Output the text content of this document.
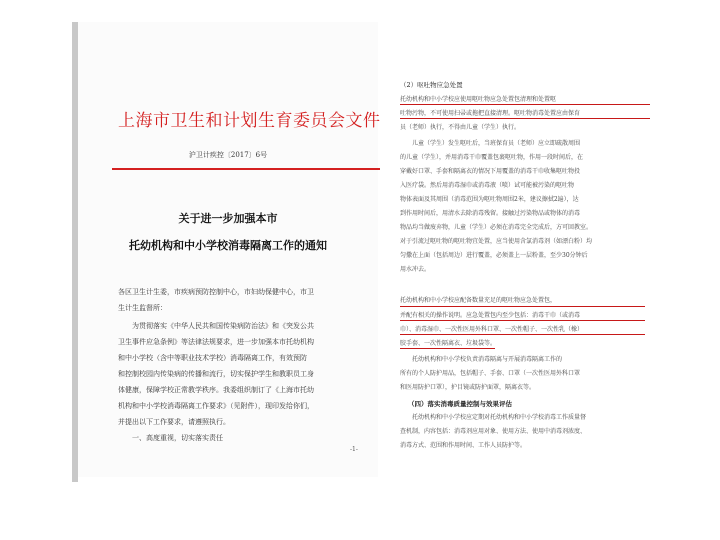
上海市卫生和计划生育委员会文件
沪卫计疾控〔2017〕6号
关于进一步加强本市
托幼机构和中小学校消毒隔离工作的通知
各区卫生计生委，市疾病预防控制中心，市妇幼保健中心，市卫
生计生监督所：
　　为贯彻落实《中华人民共和国传染病防治法》和《突发公共
卫生事件应急条例》等法律法规要求，进一步加强本市托幼机构
和中小学校（含中等职业技术学校）消毒隔离工作，有效预防
和控制校园内传染病的传播和流行，切实保护学生和教职员工身
体健康，保障学校正常教学秩序。我委组织制订了《上海市托幼
机构和中小学校消毒隔离工作要求》（见附件），现印发给你们，
并提出以下工作要求，请遵照执行。
　　一、高度重视，切实落实责任
-1-
（2）呕吐物应急处置
托幼机构和中小学校应使用呕吐物应急处置包清理和处置呕
吐物污物，不可使用扫帚或拖把直接清理。呕吐物消毒处置应由保育
员（老师）执行，不得由儿童（学生）执行。
　　儿童（学生）发生呕吐后，当班保育员（老师）应立即疏散周围
的儿童（学生），并用消毒干巾覆盖包裹呕吐物，作用一段时间后，在
穿戴好口罩、手套和隔离衣的情况下用覆盖的消毒干巾收集呕吐物投
入医疗袋。然后用消毒湿巾或消毒液（喷）试可能被污染的呕吐物
物体表面及其周围（消毒范围为呕吐物周围2米，建议擦拭2遍），达
到作用时间后，用清水去除消毒残留。接触过污染物品或物体的消毒
物品均当做废弃物，儿童（学生）必须在消毒完全完成后，方可回教室。
对于引流过呕吐物的呕吐物宜处置，应当使用含氯消毒剂（如漂白粉）均
匀撒在上面（包括周边）进行覆盖，必须盖上一层粉盖，至少30分钟后
用水冲去。
托幼机构和中小学校应配备数量充足的呕吐物应急处置包，
并配有相关的操作说明。应急处置包内至少包括：消毒干巾（或消毒
巾）、消毒湿巾、一次性医用外科口罩、一次性帽子、一次性乳（橡）
胶手套、一次性隔离衣、垃圾袋等。
　　托幼机构和中小学校负责消毒隔离与开展消毒隔离工作的
所有的个人防护用品，包括帽子、手套、口罩（一次性医用外科口罩
和医用防护口罩），护目镜或防护面罩，隔离衣等。
（四）落实消毒质量控制与效果评估
　　托幼机构和中小学校应定期对托幼机构和中小学校消毒工作质量督
查机制，内容包括：消毒剂应用对象、使用方法、使用中消毒剂浓度、
消毒方式、范围和作用时间、工作人员防护等。
